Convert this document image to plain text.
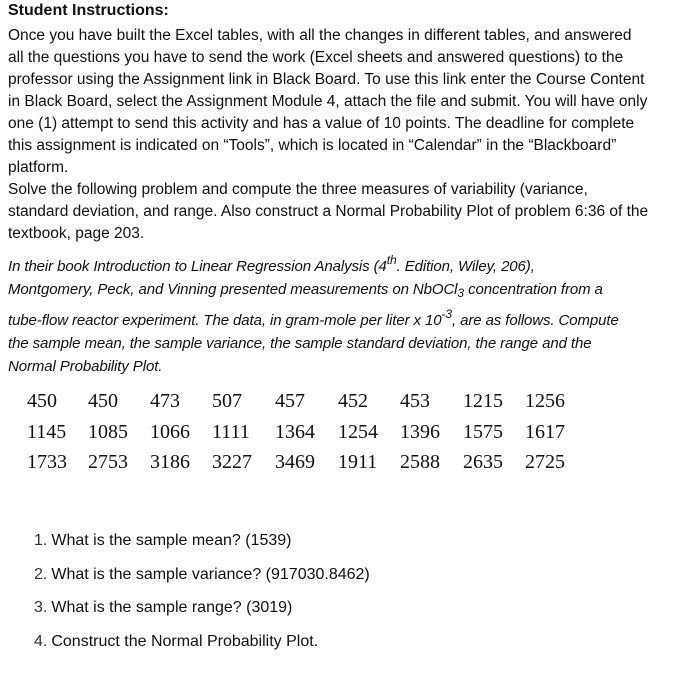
Student Instructions:
Once you have built the Excel tables, with all the changes in different tables, and answered
all the questions you have to send the work (Excel sheets and answered questions) to the
professor using the Assignment link in Black Board. To use this link enter the Course Content
in Black Board, select the Assignment Module 4, attach the file and submit. You will have only
one (1) attempt to send this activity and has a value of 10 points. The deadline for complete
this assignment is indicated on “Tools”, which is located in “Calendar” in the “Blackboard”
platform.
Solve the following problem and compute the three measures of variability (variance,
standard deviation, and range. Also construct a Normal Probability Plot of problem 6:36 of the
textbook, page 203.
In their book Introduction to Linear Regression Analysis (4th. Edition, Wiley, 206),
Montgomery, Peck, and Vinning presented measurements on NbOCl$_3$ concentration from a
tube-flow reactor experiment. The data, in gram-mole per liter x $10^{-3}$, are as follows. Compute
the sample mean, the sample variance, the sample standard deviation, the range and the
Normal Probability Plot.
450 450 473 507 457 452 453 1215 1256
1145 1085 1066 1111 1364 1254 1396 1575 1617
1733 2753 3186 3227 3469 1911 2588 2635 2725
1. What is the sample mean? (1539)
2. What is the sample variance? (917030.8462)
3. What is the sample range? (3019)
4. Construct the Normal Probability Plot.
